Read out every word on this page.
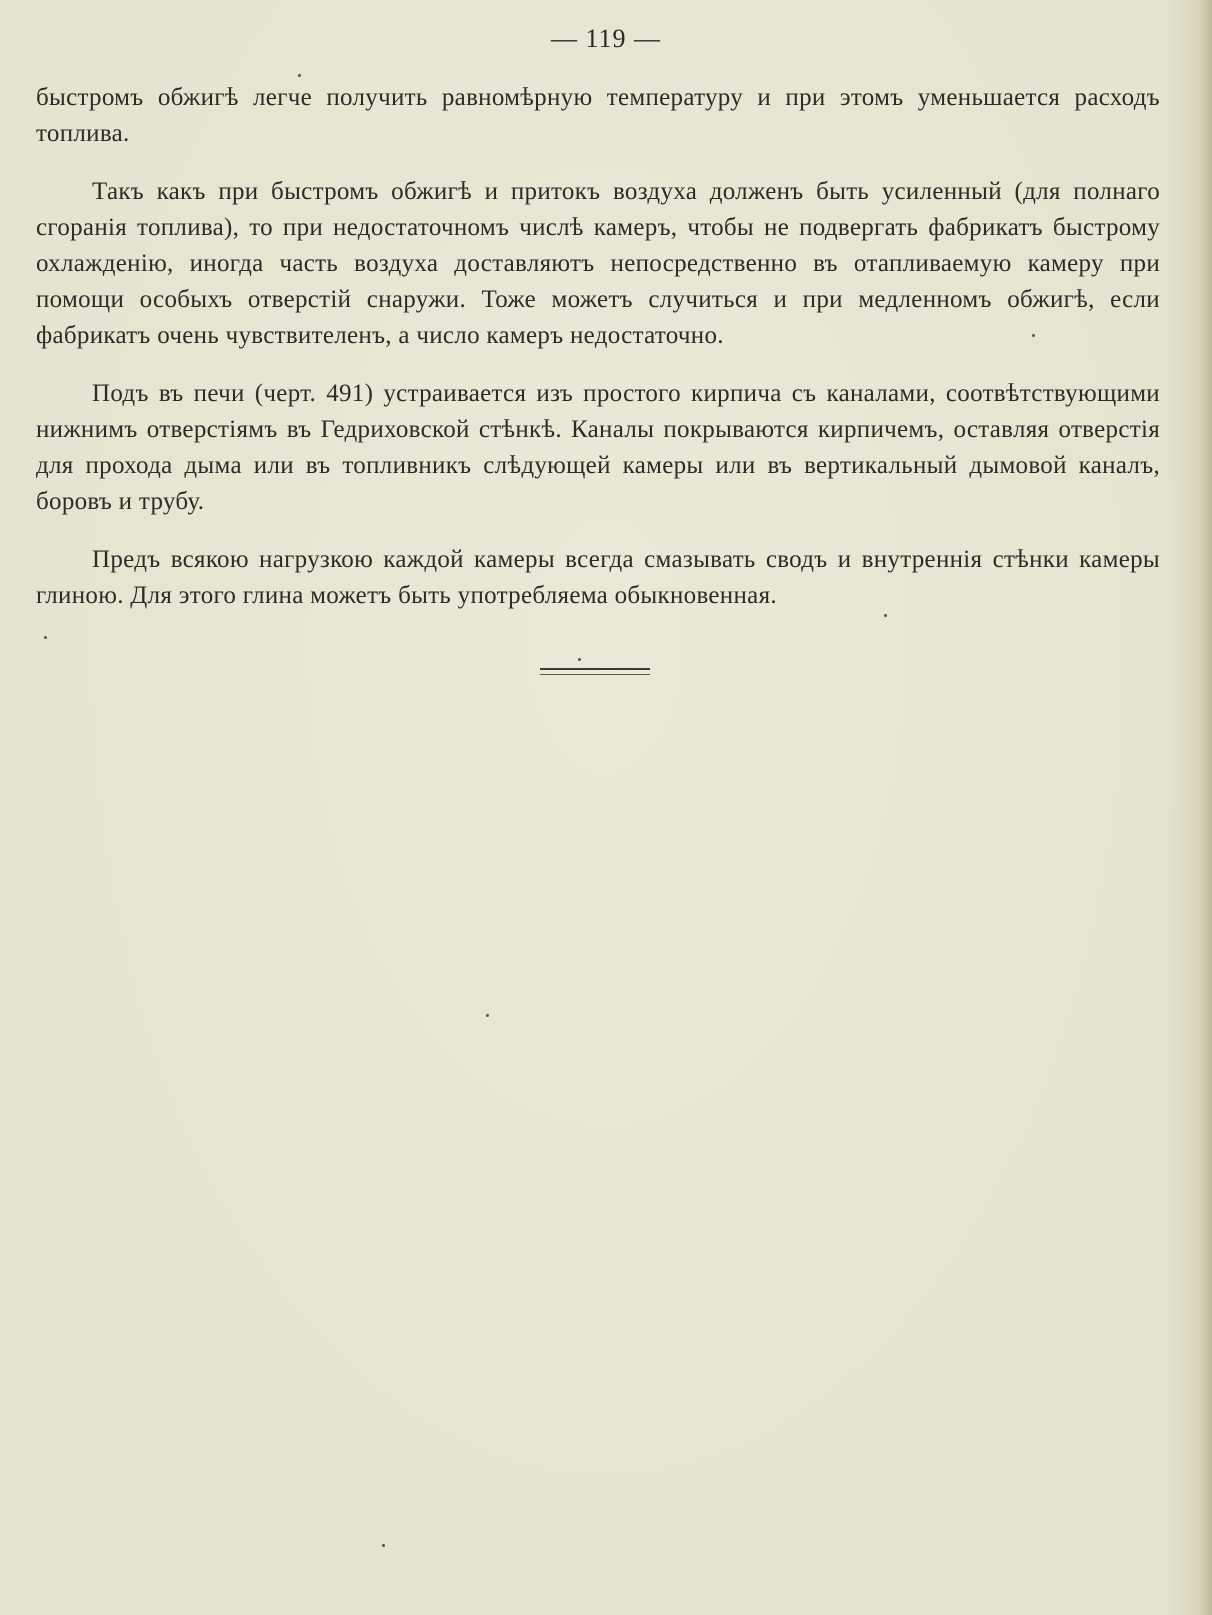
— 119 —

быстромъ обжигѣ легче получить равномѣрную температуру и при этомъ уменьшается расходъ топлива.

Такъ какъ при быстромъ обжигѣ и притокъ воздуха долженъ быть усиленный (для полнаго сгоранія топлива), то при недостаточномъ числѣ камеръ, чтобы не подвергать фабрикатъ быстрому охлажденію, иногда часть воздуха доставляютъ непосредственно въ отапливаемую камеру при помощи особыхъ отверстій снаружи. Тоже можетъ случиться и при медленномъ обжигѣ, если фабрикатъ очень чувствителенъ, а число камеръ недостаточно.

Подъ въ печи (черт. 491) устраивается изъ простого кирпича съ каналами, соотвѣтствующими нижнимъ отверстіямъ въ Гедриховской стѣнкѣ. Каналы покрываются кирпичемъ, оставляя отверстія для прохода дыма или въ топливникъ слѣдующей камеры или въ вертикальный дымовой каналъ, боровъ и трубу.

Предъ всякою нагрузкою каждой камеры всегда смазывать сводъ и внутреннія стѣнки камеры глиною. Для этого глина можетъ быть употребляема обыкновенная.
